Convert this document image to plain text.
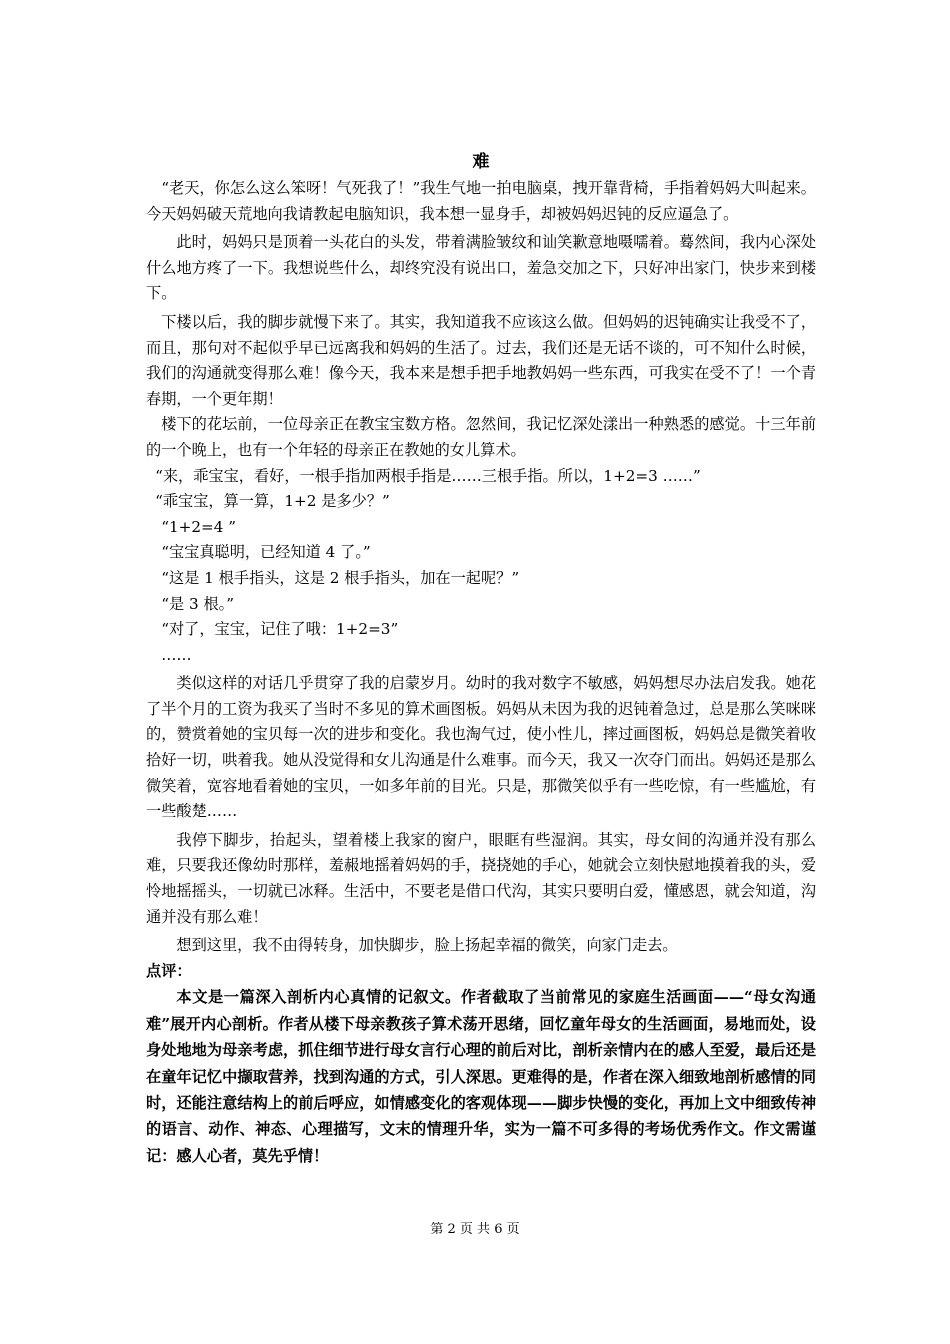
难

“老天，你怎么这么笨呀！气死我了！”我生气地一拍电脑桌，拽开靠背椅，手指着妈妈大叫起来。今天妈妈破天荒地向我请教起电脑知识，我本想一显身手，却被妈妈迟钝的反应逼急了。

此时，妈妈只是顶着一头花白的头发，带着满脸皱纹和讪笑歉意地嗫嚅着。蓦然间，我内心深处什么地方疼了一下。我想说些什么，却终究没有说出口，羞急交加之下，只好冲出家门，快步来到楼下。

下楼以后，我的脚步就慢下来了。其实，我知道我不应该这么做。但妈妈的迟钝确实让我受不了，而且，那句对不起似乎早已远离我和妈妈的生活了。过去，我们还是无话不谈的，可不知什么时候，我们的沟通就变得那么难！像今天，我本来是想手把手地教妈妈一些东西，可我实在受不了！一个青春期，一个更年期！

楼下的花坛前，一位母亲正在教宝宝数方格。忽然间，我记忆深处漾出一种熟悉的感觉。十三年前的一个晚上，也有一个年轻的母亲正在教她的女儿算术。

“来，乖宝宝，看好，一根手指加两根手指是……三根手指。所以，1+2=3 ……”

“乖宝宝，算一算，1+2 是多少？”

“1+2=4 ”

“宝宝真聪明，已经知道 4 了。”

“这是 1 根手指头，这是 2 根手指头，加在一起呢？”

“是 3 根。”

“对了，宝宝，记住了哦：1+2=3”

……

类似这样的对话几乎贯穿了我的启蒙岁月。幼时的我对数字不敏感，妈妈想尽办法启发我。她花了半个月的工资为我买了当时不多见的算术画图板。妈妈从未因为我的迟钝着急过，总是那么笑咪咪的，赞赏着她的宝贝每一次的进步和变化。我也淘气过，使小性儿，摔过画图板，妈妈总是微笑着收拾好一切，哄着我。她从没觉得和女儿沟通是什么难事。而今天，我又一次夺门而出。妈妈还是那么微笑着，宽容地看着她的宝贝，一如多年前的目光。只是，那微笑似乎有一些吃惊，有一些尴尬，有一些酸楚……

我停下脚步，抬起头，望着楼上我家的窗户，眼眶有些湿润。其实，母女间的沟通并没有那么难，只要我还像幼时那样，羞赧地摇着妈妈的手，挠挠她的手心，她就会立刻快慰地摸着我的头，爱怜地摇摇头，一切就已冰释。生活中，不要老是借口代沟，其实只要明白爱，懂感恩，就会知道，沟通并没有那么难！

想到这里，我不由得转身，加快脚步，脸上扬起幸福的微笑，向家门走去。

点评：

本文是一篇深入剖析内心真情的记叙文。作者截取了当前常见的家庭生活画面——“母女沟通难”展开内心剖析。作者从楼下母亲教孩子算术荡开思绪，回忆童年母女的生活画面，易地而处，设身处地地为母亲考虑，抓住细节进行母女言行心理的前后对比，剖析亲情内在的感人至爱，最后还是在童年记忆中撷取营养，找到沟通的方式，引人深思。更难得的是，作者在深入细致地剖析感情的同时，还能注意结构上的前后呼应，如情感变化的客观体现——脚步快慢的变化，再加上文中细致传神的语言、动作、神态、心理描写，文末的情理升华，实为一篇不可多得的考场优秀作文。作文需谨记：感人心者，莫先乎情！

第 2 页 共 6 页
